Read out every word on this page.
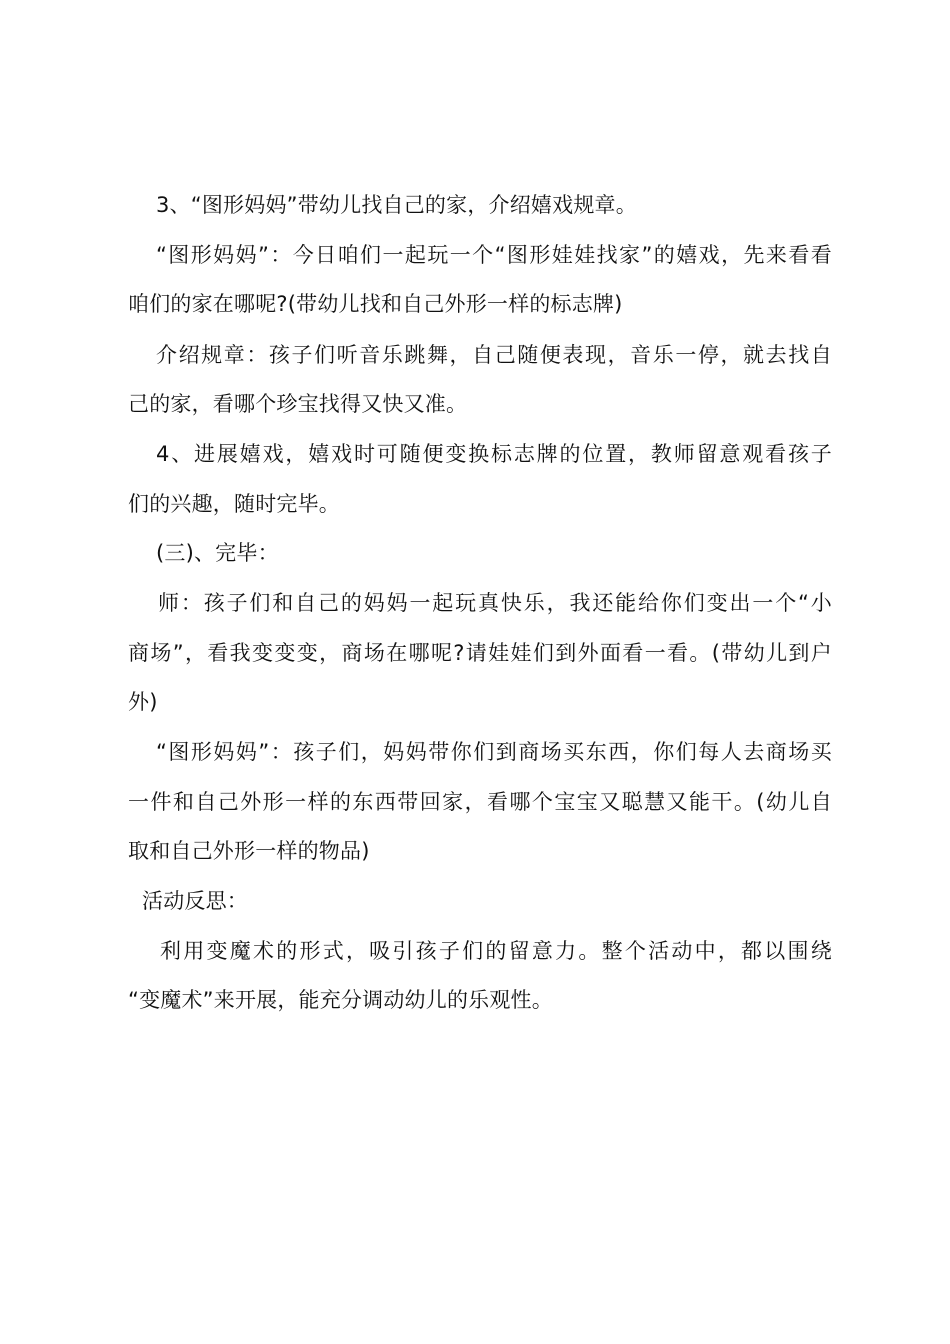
3、“图形妈妈”带幼儿找自己的家，介绍嬉戏规章。
“图形妈妈”：今日咱们一起玩一个“图形娃娃找家”的嬉戏，先来看看
咱们的家在哪呢?(带幼儿找和自己外形一样的标志牌)
介绍规章：孩子们听音乐跳舞，自己随便表现，音乐一停，就去找自
己的家，看哪个珍宝找得又快又准。
4、进展嬉戏，嬉戏时可随便变换标志牌的位置，教师留意观看孩子
们的兴趣，随时完毕。
(三)、完毕：
师：孩子们和自己的妈妈一起玩真快乐，我还能给你们变出一个“小
商场”，看我变变变，商场在哪呢?请娃娃们到外面看一看。(带幼儿到户
外)
“图形妈妈”：孩子们，妈妈带你们到商场买东西，你们每人去商场买
一件和自己外形一样的东西带回家，看哪个宝宝又聪慧又能干。(幼儿自
取和自己外形一样的物品)
活动反思：
利用变魔术的形式，吸引孩子们的留意力。整个活动中，都以围绕
“变魔术”来开展，能充分调动幼儿的乐观性。
